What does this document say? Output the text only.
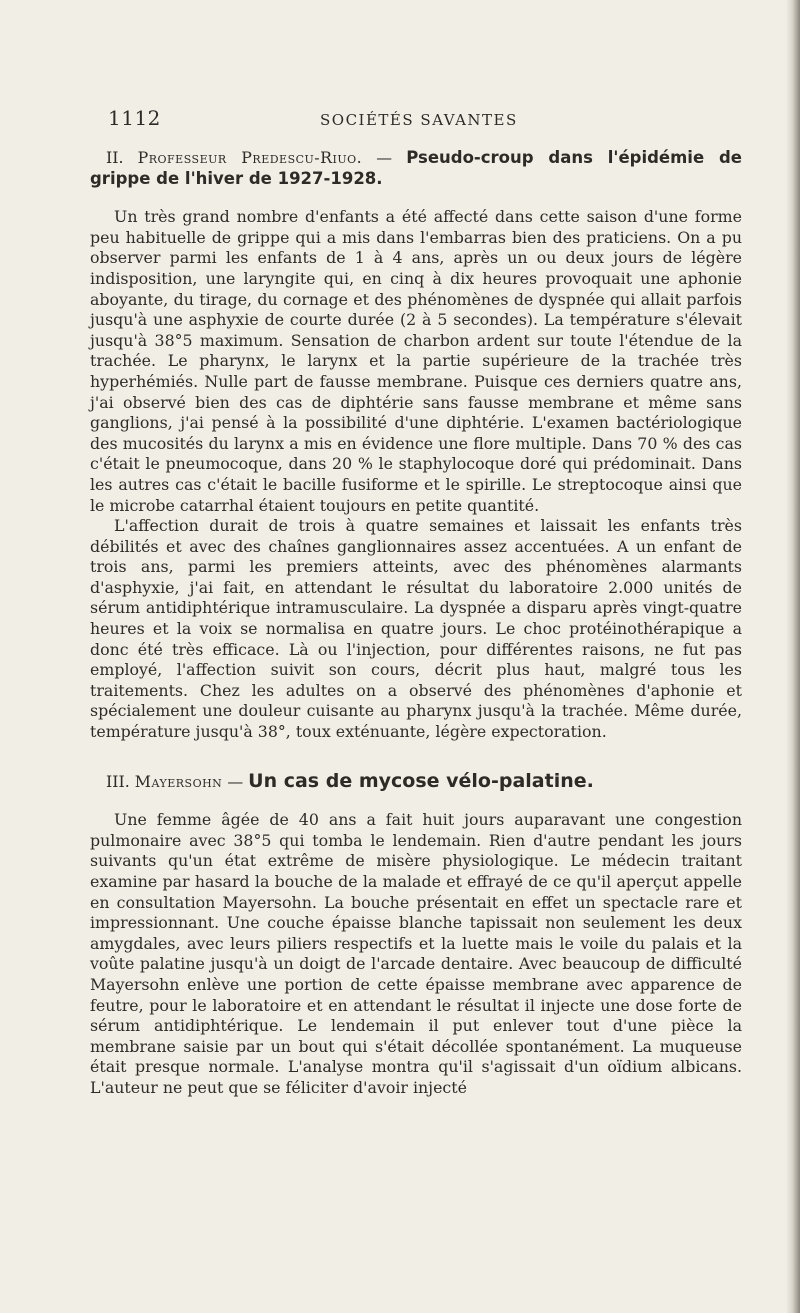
1112	SOCIÉTÉS SAVANTES

II. Professeur Predescu-Riuo. — Pseudo-croup dans l'épidémie de grippe de l'hiver de 1927-1928.

Un très grand nombre d'enfants a été affecté dans cette saison d'une forme peu habituelle de grippe qui a mis dans l'embarras bien des praticiens. On a pu observer parmi les enfants de 1 à 4 ans, après un ou deux jours de légère indisposition, une laryngite qui, en cinq à dix heures provoquait une aphonie aboyante, du tirage, du cornage et des phénomènes de dyspnée qui allait parfois jusqu'à une asphyxie de courte durée (2 à 5 secondes). La température s'élevait jusqu'à 38°5 maximum. Sensation de charbon ardent sur toute l'étendue de la trachée. Le pharynx, le larynx et la partie supérieure de la trachée très hyperhémiés. Nulle part de fausse membrane. Puisque ces derniers quatre ans, j'ai observé bien des cas de diphtérie sans fausse membrane et même sans ganglions, j'ai pensé à la possibilité d'une diphtérie. L'examen bactériologique des mucosités du larynx a mis en évidence une flore multiple. Dans 70 % des cas c'était le pneumocoque, dans 20 % le staphylocoque doré qui prédominait. Dans les autres cas c'était le bacille fusiforme et le spirille. Le streptocoque ainsi que le microbe catarrhal étaient toujours en petite quantité.

L'affection durait de trois à quatre semaines et laissait les enfants très débilités et avec des chaînes ganglionnaires assez accentuées. A un enfant de trois ans, parmi les premiers atteints, avec des phénomènes alarmants d'asphyxie, j'ai fait, en attendant le résultat du laboratoire 2.000 unités de sérum antidiphtérique intramusculaire. La dyspnée a disparu après vingt-quatre heures et la voix se normalisa en quatre jours. Le choc protéinothérapique a donc été très efficace. Là ou l'injection, pour différentes raisons, ne fut pas employé, l'affection suivit son cours, décrit plus haut, malgré tous les traitements. Chez les adultes on a observé des phénomènes d'aphonie et spécialement une douleur cuisante au pharynx jusqu'à la trachée. Même durée, température jusqu'à 38°, toux exténuante, légère expectoration.

III. Mayersohn — Un cas de mycose vélo-palatine.

Une femme âgée de 40 ans a fait huit jours auparavant une congestion pulmonaire avec 38°5 qui tomba le lendemain. Rien d'autre pendant les jours suivants qu'un état extrême de misère physiologique. Le médecin traitant examine par hasard la bouche de la malade et effrayé de ce qu'il aperçut appelle en consultation Mayersohn. La bouche présentait en effet un spectacle rare et impressionnant. Une couche épaisse blanche tapissait non seulement les deux amygdales, avec leurs piliers respectifs et la luette mais le voile du palais et la voûte palatine jusqu'à un doigt de l'arcade dentaire. Avec beaucoup de difficulté Mayersohn enlève une portion de cette épaisse membrane avec apparence de feutre, pour le laboratoire et en attendant le résultat il injecte une dose forte de sérum antidiphtérique. Le lendemain il put enlever tout d'une pièce la membrane saisie par un bout qui s'était décollée spontanément. La muqueuse était presque normale. L'analyse montra qu'il s'agissait d'un oïdium albicans. L'auteur ne peut que se féliciter d'avoir injecté
